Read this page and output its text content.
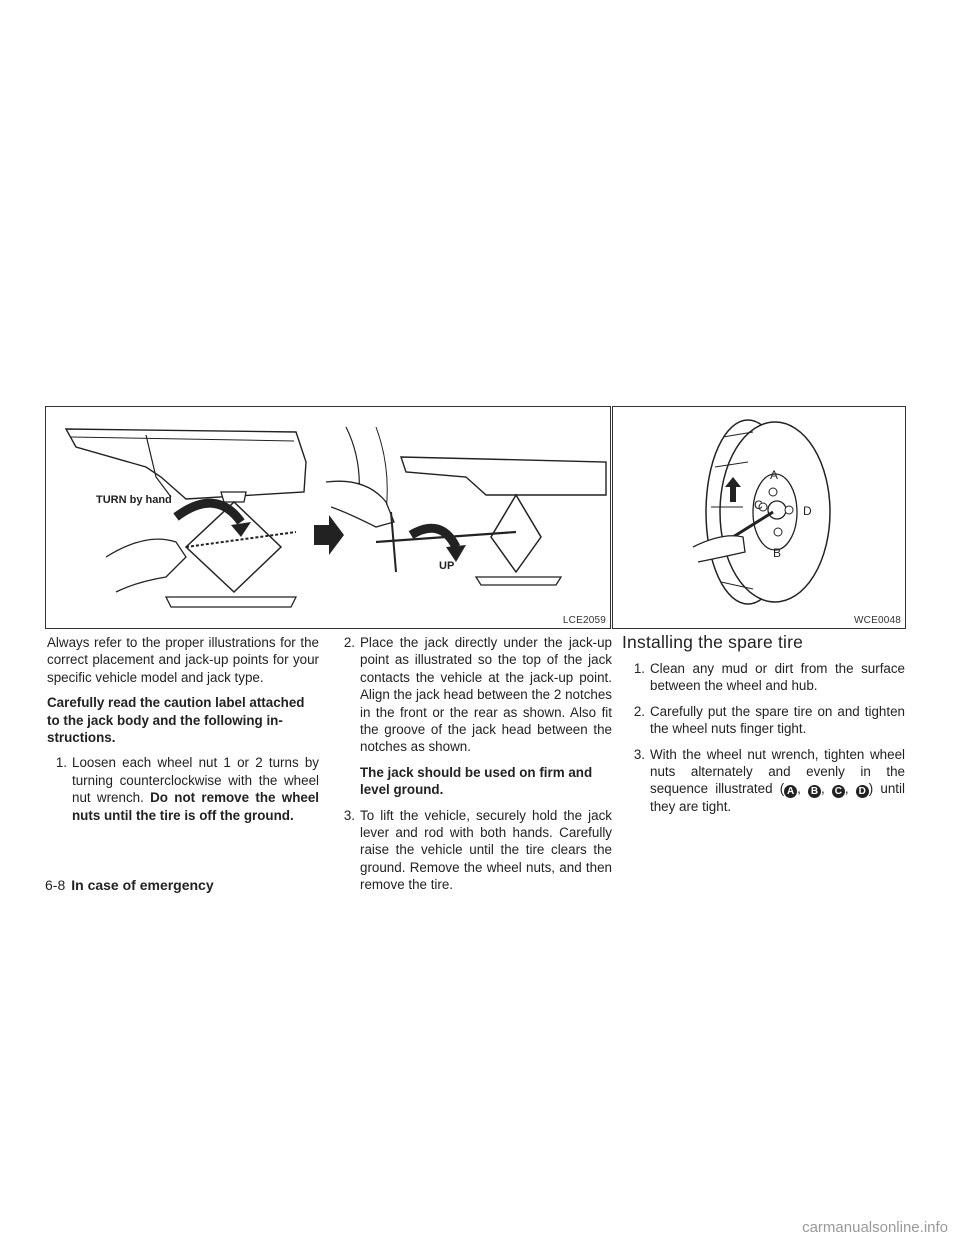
TURN by hand
UP
LCE2059
A
C	D
B
WCE0048

Always refer to the proper illustrations for the correct placement and jack-up points for your specific vehicle model and jack type.

Carefully read the caution label attached to the jack body and the following in-structions.

1. Loosen each wheel nut 1 or 2 turns by turning counterclockwise with the wheel nut wrench. Do not remove the wheel nuts until the tire is off the ground.
2. Place the jack directly under the jack-up point as illustrated so the top of the jack contacts the vehicle at the jack-up point. Align the jack head between the 2 notches in the front or the rear as shown. Also fit the groove of the jack head between the notches as shown.

The jack should be used on firm and level ground.

3. To lift the vehicle, securely hold the jack lever and rod with both hands. Carefully raise the vehicle until the tire clears the ground. Remove the wheel nuts, and then remove the tire.
Installing the spare tire
1. Clean any mud or dirt from the surface between the wheel and hub.
2. Carefully put the spare tire on and tighten the wheel nuts finger tight.
3. With the wheel nut wrench, tighten wheel nuts alternately and evenly in the sequence illustrated ( A , B , C , D ) until they are tight.
6-8 In case of emergency
carmanualsonline.info
